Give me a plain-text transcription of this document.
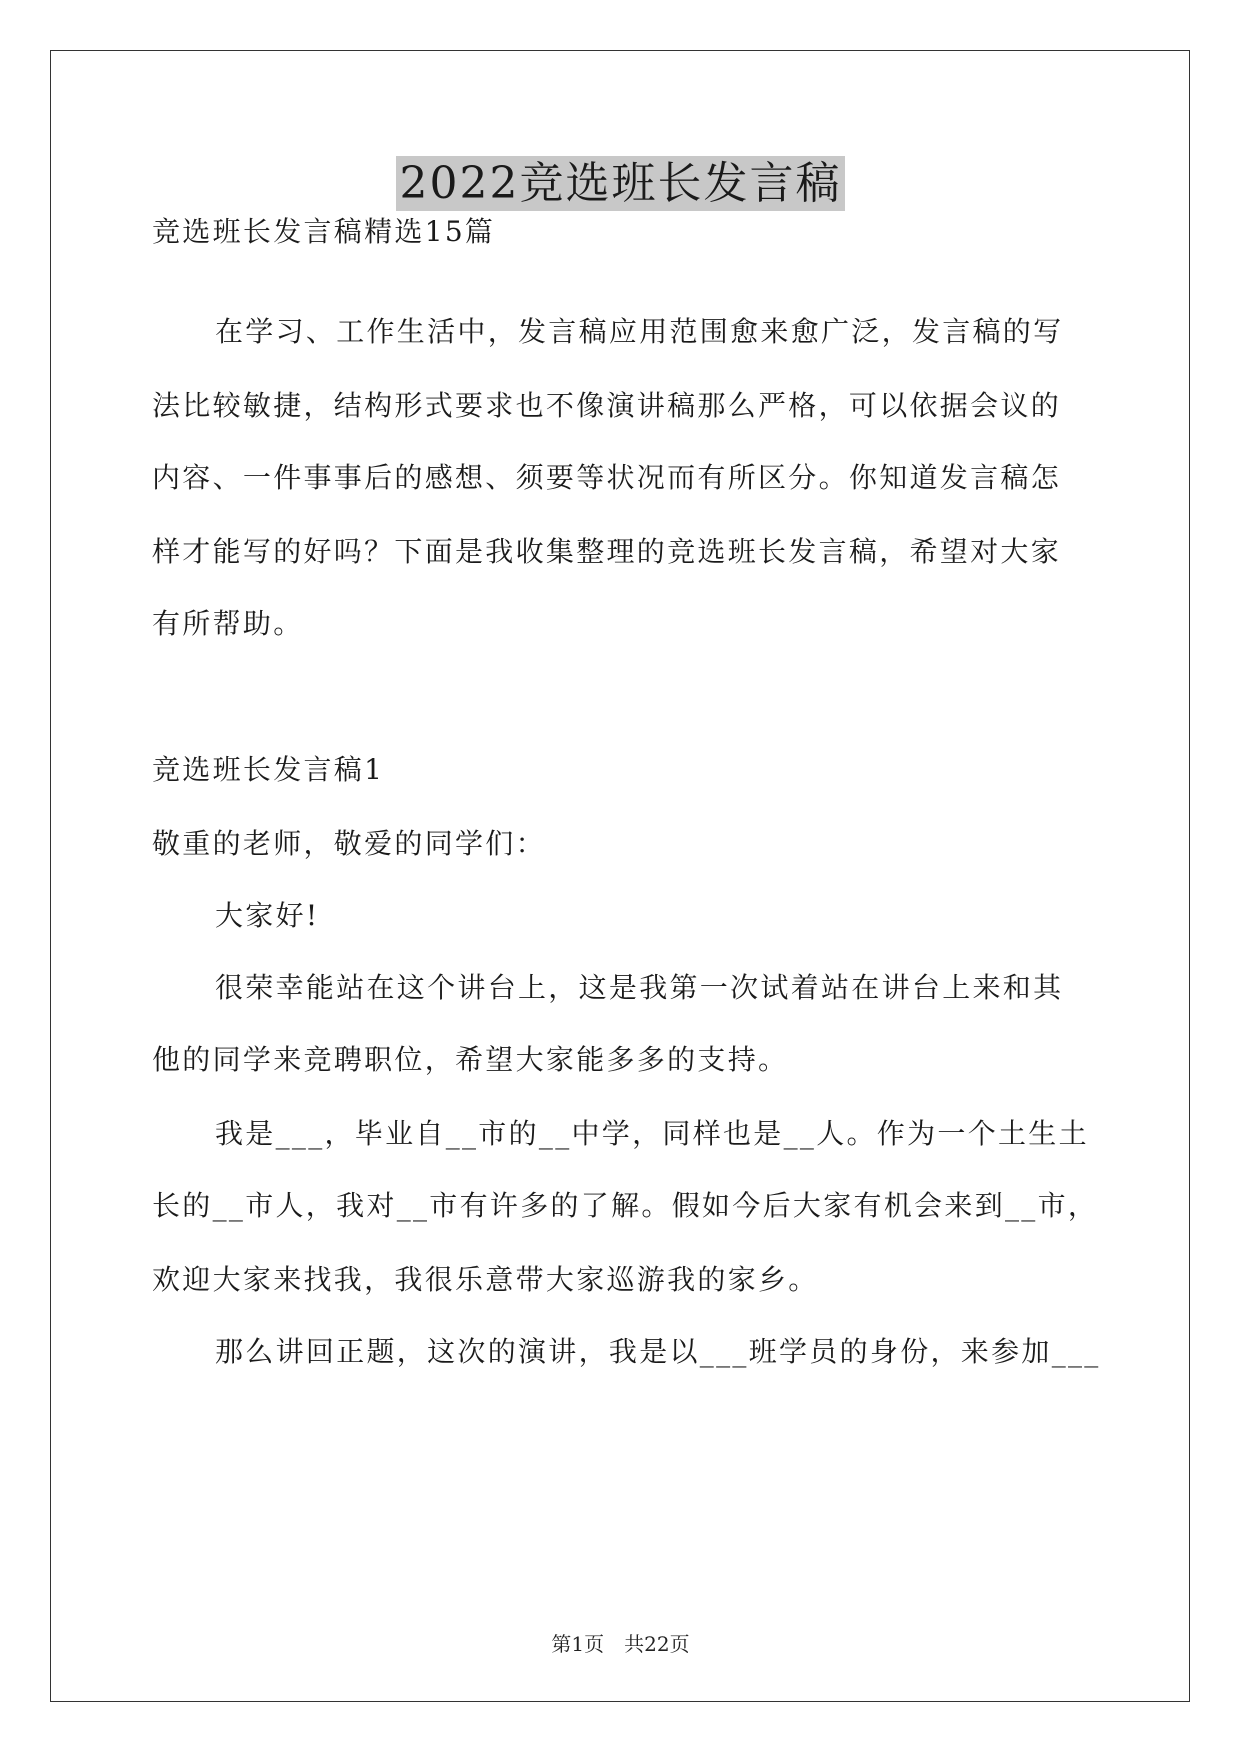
2022竞选班长发言稿
竞选班长发言稿精选15篇
在学习、工作生活中，发言稿应用范围愈来愈广泛，发言稿的写
法比较敏捷，结构形式要求也不像演讲稿那么严格，可以依据会议的
内容、一件事事后的感想、须要等状况而有所区分。你知道发言稿怎
样才能写的好吗？下面是我收集整理的竞选班长发言稿，希望对大家
有所帮助。
竞选班长发言稿1
敬重的老师，敬爱的同学们：
大家好!
很荣幸能站在这个讲台上，这是我第一次试着站在讲台上来和其
他的同学来竞聘职位，希望大家能多多的支持。
我是___，毕业自__市的__中学，同样也是__人。作为一个土生土
长的__市人，我对__市有许多的了解。假如今后大家有机会来到__市，
欢迎大家来找我，我很乐意带大家巡游我的家乡。
那么讲回正题，这次的演讲，我是以___班学员的身份，来参加___
第1页　共22页
